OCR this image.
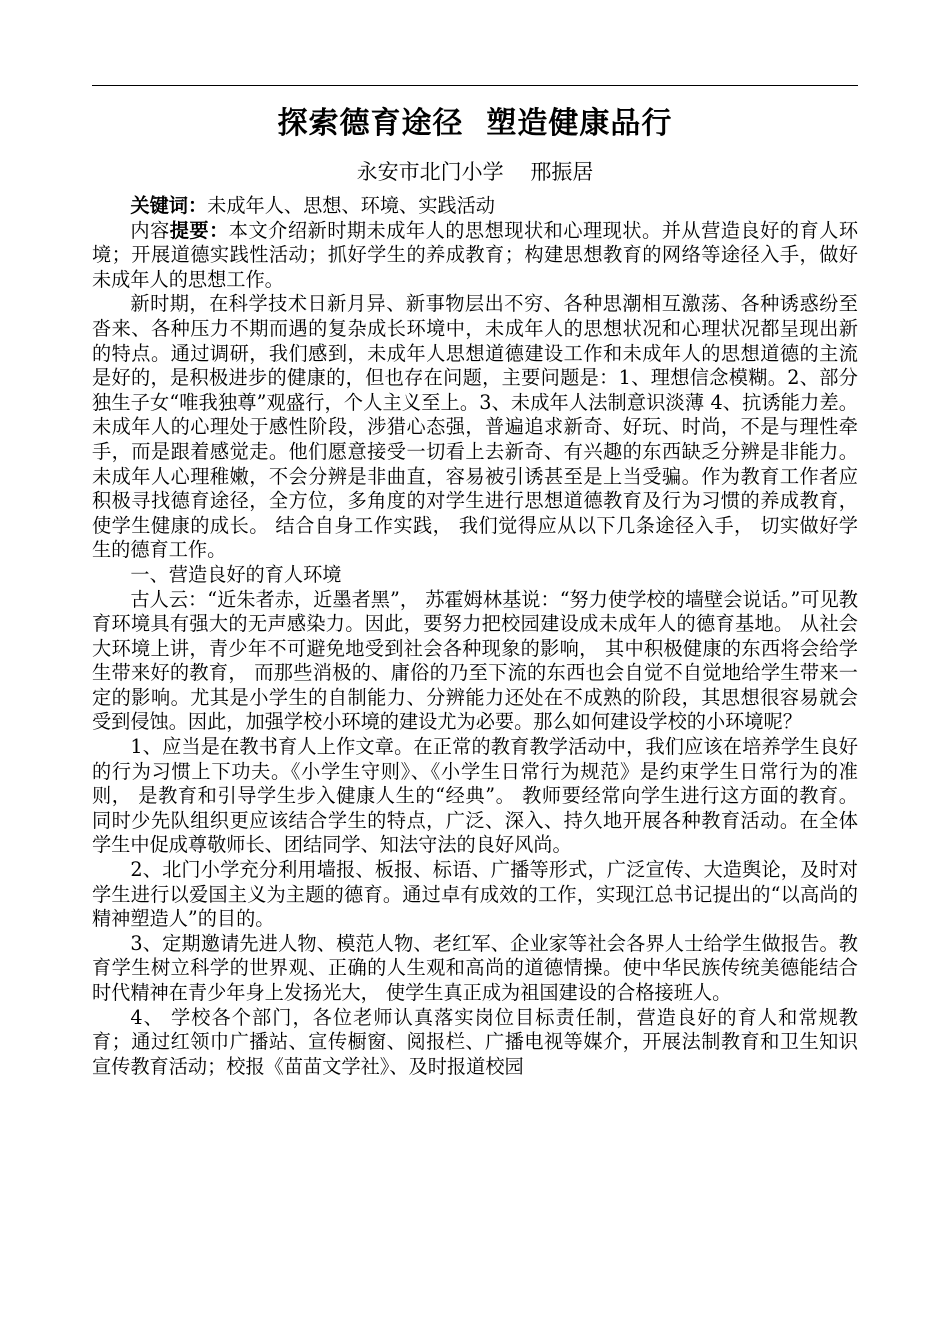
探索德育途径  塑造健康品行
永安市北门小学    邢振居

关键词：未成年人、思想、环境、实践活动

内容提要：本文介绍新时期未成年人的思想现状和心理现状。并从营造良好的育人环境；开展道德实践性活动；抓好学生的养成教育；构建思想教育的网络等途径入手，做好未成年人的思想工作。

新时期，在科学技术日新月异、新事物层出不穷、各种思潮相互激荡、各种诱惑纷至沓来、各种压力不期而遇的复杂成长环境中，未成年人的思想状况和心理状况都呈现出新的特点。通过调研，我们感到，未成年人思想道德建设工作和未成年人的思想道德的主流是好的，是积极进步的健康的，但也存在问题，主要问题是：1、理想信念模糊。2、部分独生子女“唯我独尊”观盛行，个人主义至上。3、未成年人法制意识淡薄 4、抗诱能力差。未成年人的心理处于感性阶段，涉猎心态强，普遍追求新奇、好玩、时尚，不是与理性牵手，而是跟着感觉走。他们愿意接受一切看上去新奇、有兴趣的东西缺乏分辨是非能力。未成年人心理稚嫩，不会分辨是非曲直，容易被引诱甚至是上当受骗。作为教育工作者应积极寻找德育途径，全方位，多角度的对学生进行思想道德教育及行为习惯的养成教育， 使学生健康的成长。 结合自身工作实践， 我们觉得应从以下几条途径入手， 切实做好学生的德育工作。

一、营造良好的育人环境

古人云：“近朱者赤，近墨者黑”， 苏霍姆林基说：“努力使学校的墙壁会说话。”可见教育环境具有强大的无声感染力。因此，要努力把校园建设成未成年人的德育基地。 从社会大环境上讲，青少年不可避免地受到社会各种现象的影响， 其中积极健康的东西将会给学生带来好的教育， 而那些消极的、庸俗的乃至下流的东西也会自觉不自觉地给学生带来一定的影响。尤其是小学生的自制能力、分辨能力还处在不成熟的阶段，其思想很容易就会受到侵蚀。因此，加强学校小环境的建设尤为必要。那么如何建设学校的小环境呢？

1、应当是在教书育人上作文章。在正常的教育教学活动中，我们应该在培养学生良好的行为习惯上下功夫。《小学生守则》、《小学生日常行为规范》是约束学生日常行为的准则， 是教育和引导学生步入健康人生的“经典”。 教师要经常向学生进行这方面的教育。 同时少先队组织更应该结合学生的特点，广泛、深入、持久地开展各种教育活动。在全体学生中促成尊敬师长、团结同学、知法守法的良好风尚。

2、北门小学充分利用墙报、板报、标语、广播等形式，广泛宣传、大造舆论，及时对学生进行以爱国主义为主题的德育。通过卓有成效的工作，实现江总书记提出的“以高尚的精神塑造人”的目的。

3、定期邀请先进人物、模范人物、老红军、企业家等社会各界人士给学生做报告。教育学生树立科学的世界观、正确的人生观和高尚的道德情操。使中华民族传统美德能结合时代精神在青少年身上发扬光大， 使学生真正成为祖国建设的合格接班人。

4、 学校各个部门，各位老师认真落实岗位目标责任制，营造良好的育人和常规教育；通过红领巾广播站、宣传橱窗、阅报栏、广播电视等媒介，开展法制教育和卫生知识宣传教育活动；校报《苗苗文学社》、及时报道校园
